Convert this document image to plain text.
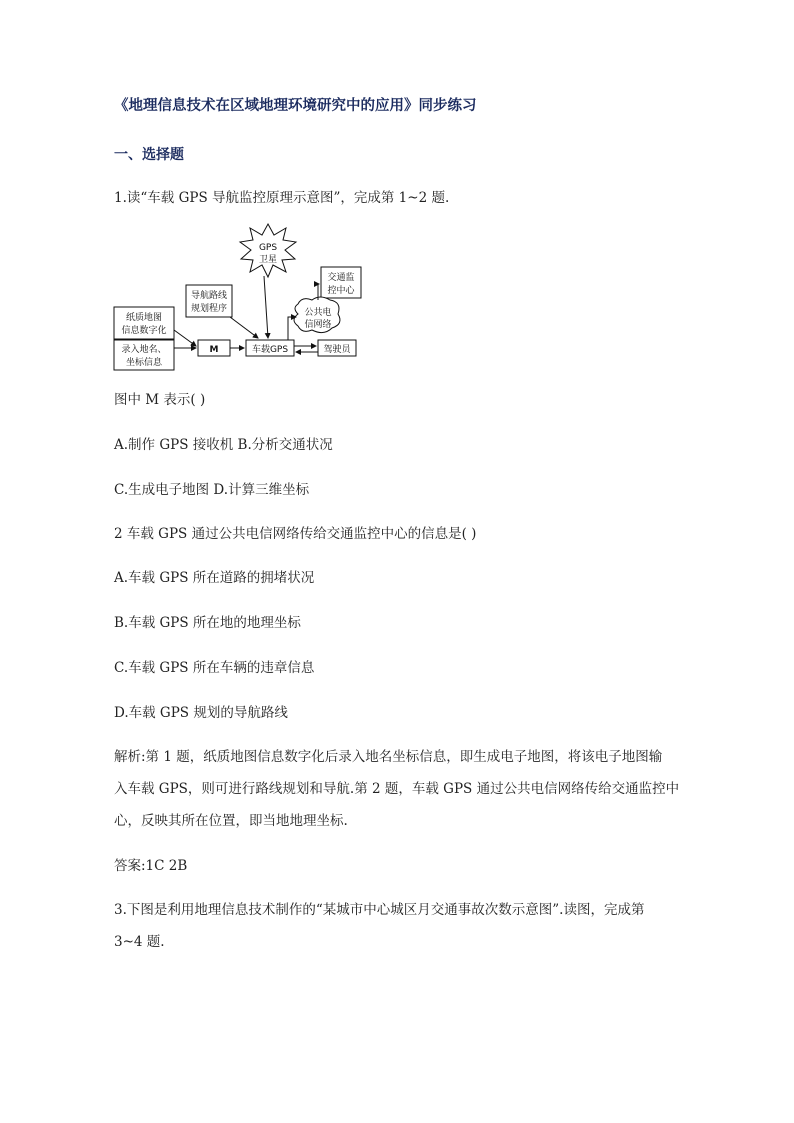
《地理信息技术在区域地理环境研究中的应用》同步练习
一、选择题
1.读“车载 GPS 导航监控原理示意图”，完成第 1~2 题.
GPS
卫星
交通监
控中心
导航路线
规划程序
纸质地图
信息数字化
录入地名、
坐标信息
M	车载GPS	驾驶员
公共电
信网络
图中 M 表示( )
A.制作 GPS 接收机 B.分析交通状况
C.生成电子地图 D.计算三维坐标
2 车载 GPS 通过公共电信网络传给交通监控中心的信息是( )
A.车载 GPS 所在道路的拥堵状况
B.车载 GPS 所在地的地理坐标
C.车载 GPS 所在车辆的违章信息
D.车载 GPS 规划的导航路线
解析:第 1 题，纸质地图信息数字化后录入地名坐标信息，即生成电子地图，将该电子地图输
入车载 GPS，则可进行路线规划和导航.第 2 题，车载 GPS 通过公共电信网络传给交通监控中
心，反映其所在位置，即当地地理坐标.
答案:1C 2B
3.下图是利用地理信息技术制作的“某城市中心城区月交通事故次数示意图”.读图，完成第
3~4 题.
